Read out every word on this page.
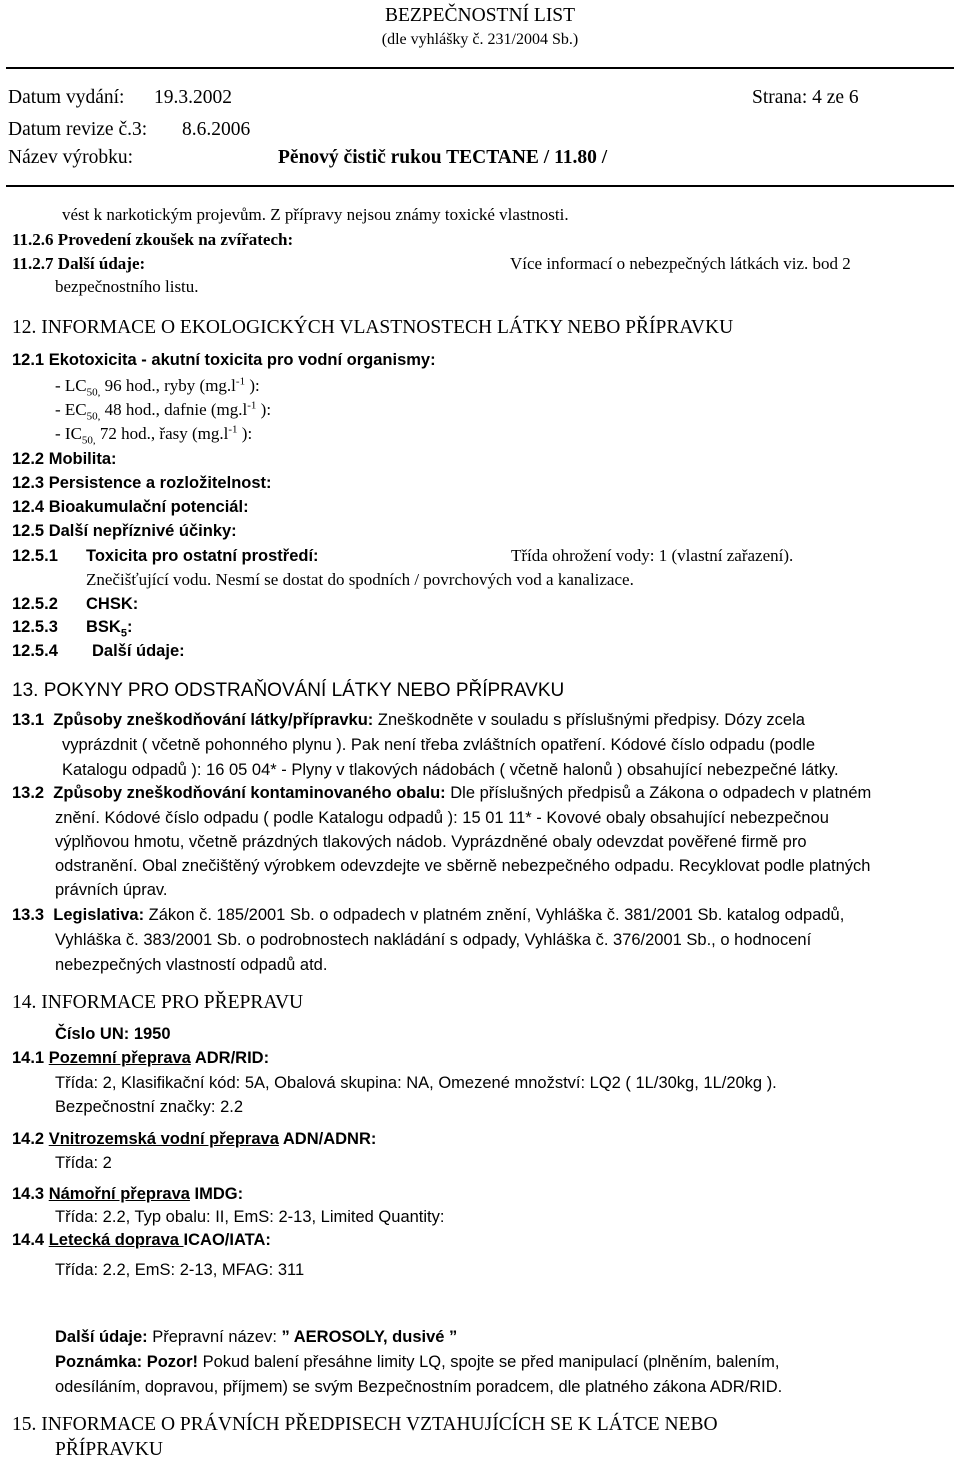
BEZPEČNOSTNÍ LIST
(dle vyhlášky č. 231/2004 Sb.)
Datum vydání: 19.3.2002	Strana: 4 ze 6
Datum revize č.3: 8.6.2006
Název výrobku:	Pěnový čistič rukou TECTANE / 11.80 /
vést k narkotickým projevům. Z přípravy nejsou známy toxické vlastnosti.
11.2.6 Provedení zkoušek na zvířatech:
11.2.7 Další údaje:	Více informací o nebezpečných látkách viz. bod 2
bezpečnostního listu.
12. INFORMACE O EKOLOGICKÝCH VLASTNOSTECH LÁTKY NEBO PŘÍPRAVKU
12.1 Ekotoxicita - akutní toxicita pro vodní organismy:
- $LC_{50,}$ 96 hod., ryby ($mg.l^{-1}$ ):
- $EC_{50,}$ 48 hod., dafnie ($mg.l^{-1}$ ):
- $IC_{50,}$ 72 hod., řasy ($mg.l^{-1}$ ):
12.2 Mobilita:
12.3 Persistence a rozložitelnost:
12.4 Bioakumulační potenciál:
12.5 Další nepříznivé účinky:
12.5.1 Toxicita pro ostatní prostředí:	Třída ohrožení vody: 1 (vlastní zařazení).
Znečišťující vodu. Nesmí se dostat do spodních / povrchových vod a kanalizace.
12.5.2 CHSK:
12.5.3 $BSK_5$:
12.5.4 Další údaje:
13. POKYNY PRO ODSTRAŇOVÁNÍ LÁTKY NEBO PŘÍPRAVKU
13.1 Způsoby zneškodňování látky/přípravku: Zneškodněte v souladu s příslušnými předpisy. Dózy zcela
vyprázdnit ( včetně pohonného plynu ). Pak není třeba zvláštních opatření. Kódové číslo odpadu (podle
Katalogu odpadů ): 16 05 04* - Plyny v tlakových nádobách ( včetně halonů ) obsahující nebezpečné látky.
13.2 Způsoby zneškodňování kontaminovaného obalu: Dle příslušných předpisů a Zákona o odpadech v platném
znění. Kódové číslo odpadu ( podle Katalogu odpadů ): 15 01 11* - Kovové obaly obsahující nebezpečnou
výplňovou hmotu, včetně prázdných tlakových nádob. Vyprázdněné obaly odevzdat pověřené firmě pro
odstranění. Obal znečištěný výrobkem odevzdejte ve sběrně nebezpečného odpadu. Recyklovat podle platných
právních úprav.
13.3 Legislativa: Zákon č. 185/2001 Sb. o odpadech v platném znění, Vyhláška č. 381/2001 Sb. katalog odpadů,
Vyhláška č. 383/2001 Sb. o podrobnostech nakládání s odpady, Vyhláška č. 376/2001 Sb., o hodnocení
nebezpečných vlastností odpadů atd.
14. INFORMACE PRO PŘEPRAVU
Číslo UN: 1950
14.1 Pozemní přeprava ADR/RID:
Třída: 2, Klasifikační kód: 5A, Obalová skupina: NA, Omezené množství: LQ2 ( 1L/30kg, 1L/20kg ).
Bezpečnostní značky: 2.2
14.2 Vnitrozemská vodní přeprava ADN/ADNR:
Třída: 2
14.3 Námořní přeprava IMDG:
Třída: 2.2, Typ obalu: II, EmS: 2-13, Limited Quantity:
14.4 Letecká doprava ICAO/IATA:
Třída: 2.2, EmS: 2-13, MFAG: 311
Další údaje: Přepravní název: ” AEROSOLY, dusivé ”
Poznámka: Pozor! Pokud balení přesáhne limity LQ, spojte se před manipulací (plněním, balením,
odesíláním, dopravou, příjmem) se svým Bezpečnostním poradcem, dle platného zákona ADR/RID.
15. INFORMACE O PRÁVNÍCH PŘEDPISECH VZTAHUJÍCÍCH SE K LÁTCE NEBO
PŘÍPRAVKU
